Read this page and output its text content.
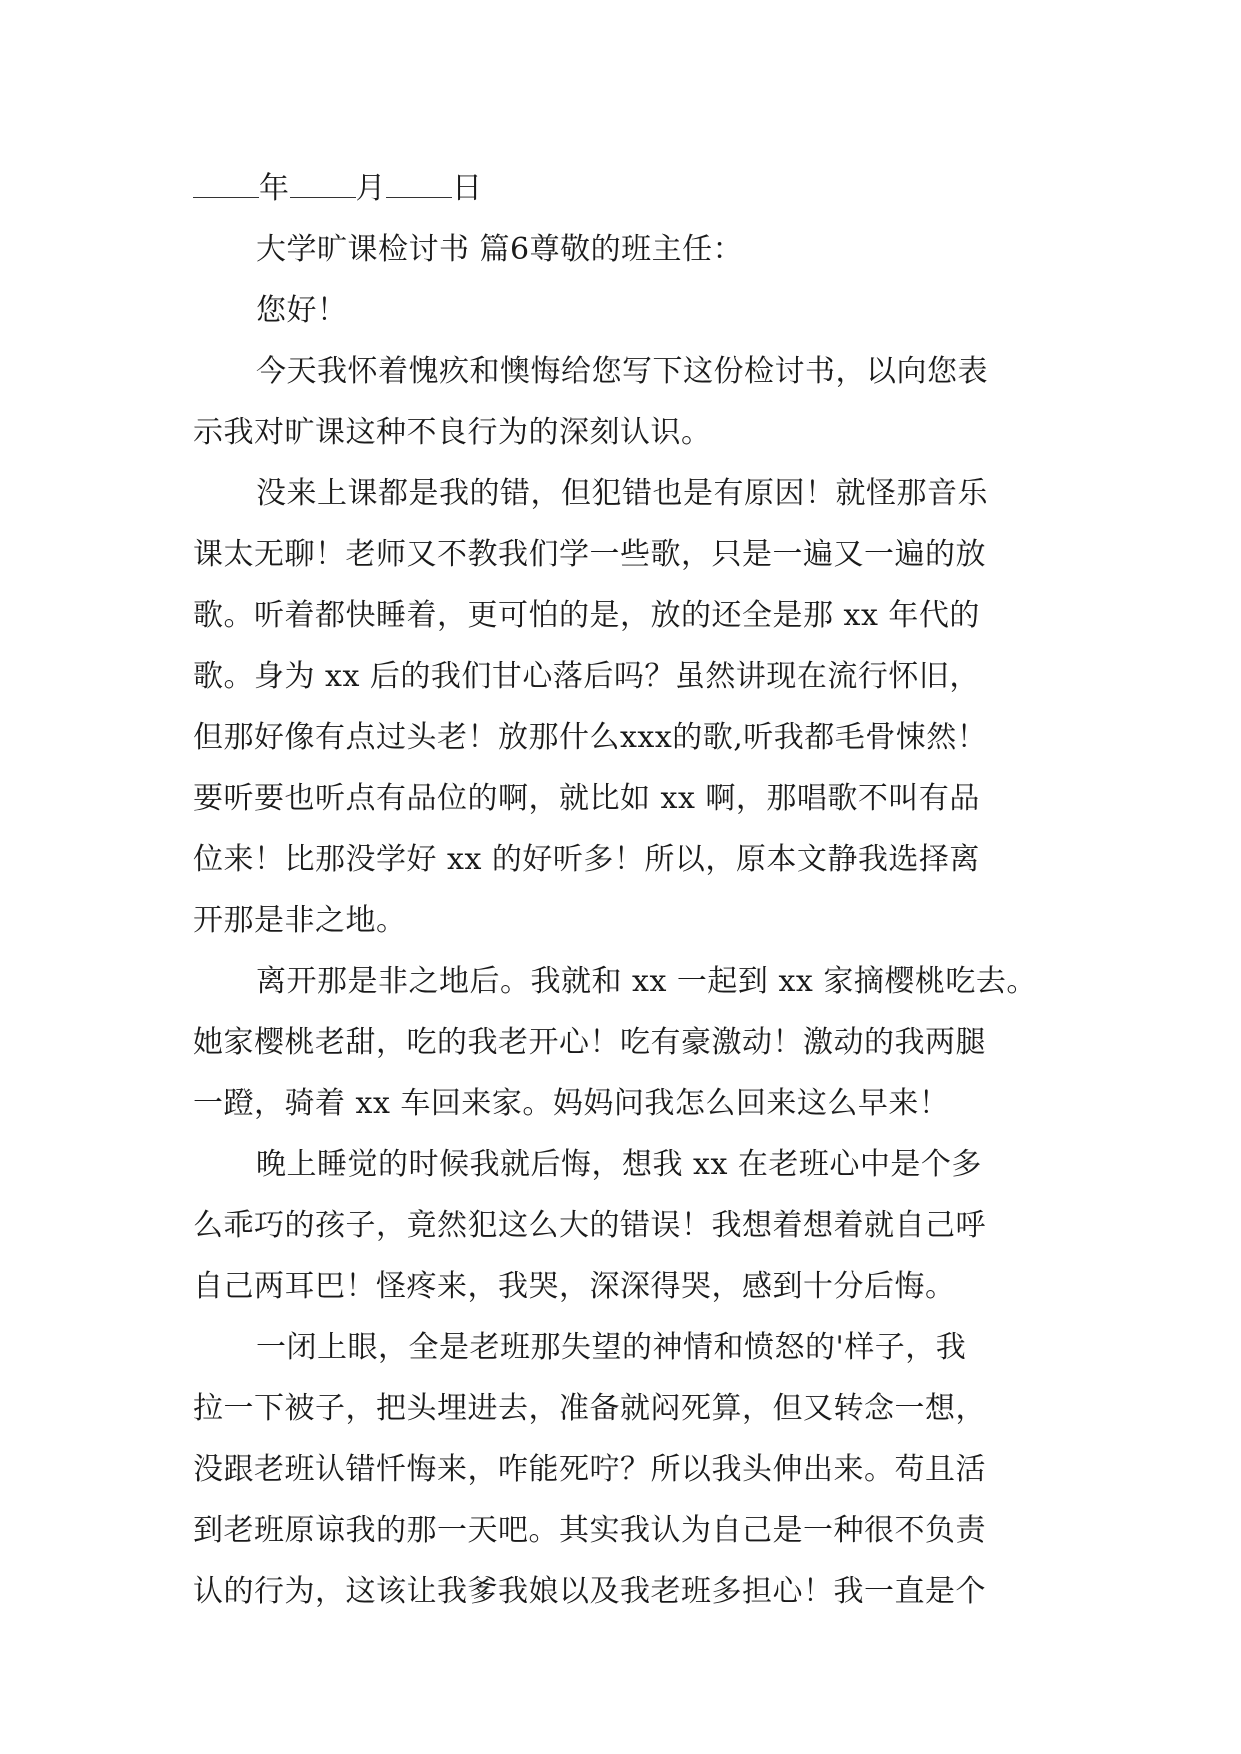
年 月 日
大学旷课检讨书 篇6尊敬的班主任：
您好！
今天我怀着愧疚和懊悔给您写下这份检讨书，以向您表
示我对旷课这种不良行为的深刻认识。
没来上课都是我的错，但犯错也是有原因！就怪那音乐
课太无聊！老师又不教我们学一些歌，只是一遍又一遍的放
歌。听着都快睡着，更可怕的是，放的还全是那 xx 年代的
歌。身为 xx 后的我们甘心落后吗？虽然讲现在流行怀旧，
但那好像有点过头老！放那什么xxx的歌,听我都毛骨悚然！
要听要也听点有品位的啊，就比如 xx 啊，那唱歌不叫有品
位来！比那没学好 xx 的好听多！所以，原本文静我选择离
开那是非之地。
离开那是非之地后。我就和 xx 一起到 xx 家摘樱桃吃去。
她家樱桃老甜，吃的我老开心！吃有豪激动！激动的我两腿
一蹬，骑着 xx 车回来家。妈妈问我怎么回来这么早来！
晚上睡觉的时候我就后悔，想我 xx 在老班心中是个多
么乖巧的孩子，竟然犯这么大的错误！我想着想着就自己呼
自己两耳巴！怪疼来，我哭，深深得哭，感到十分后悔。
一闭上眼，全是老班那失望的神情和愤怒的'样子，我
拉一下被子，把头埋进去，准备就闷死算，但又转念一想，
没跟老班认错忏悔来，咋能死咛？所以我头伸出来。苟且活
到老班原谅我的那一天吧。其实我认为自己是一种很不负责
认的行为，这该让我爹我娘以及我老班多担心！我一直是个
